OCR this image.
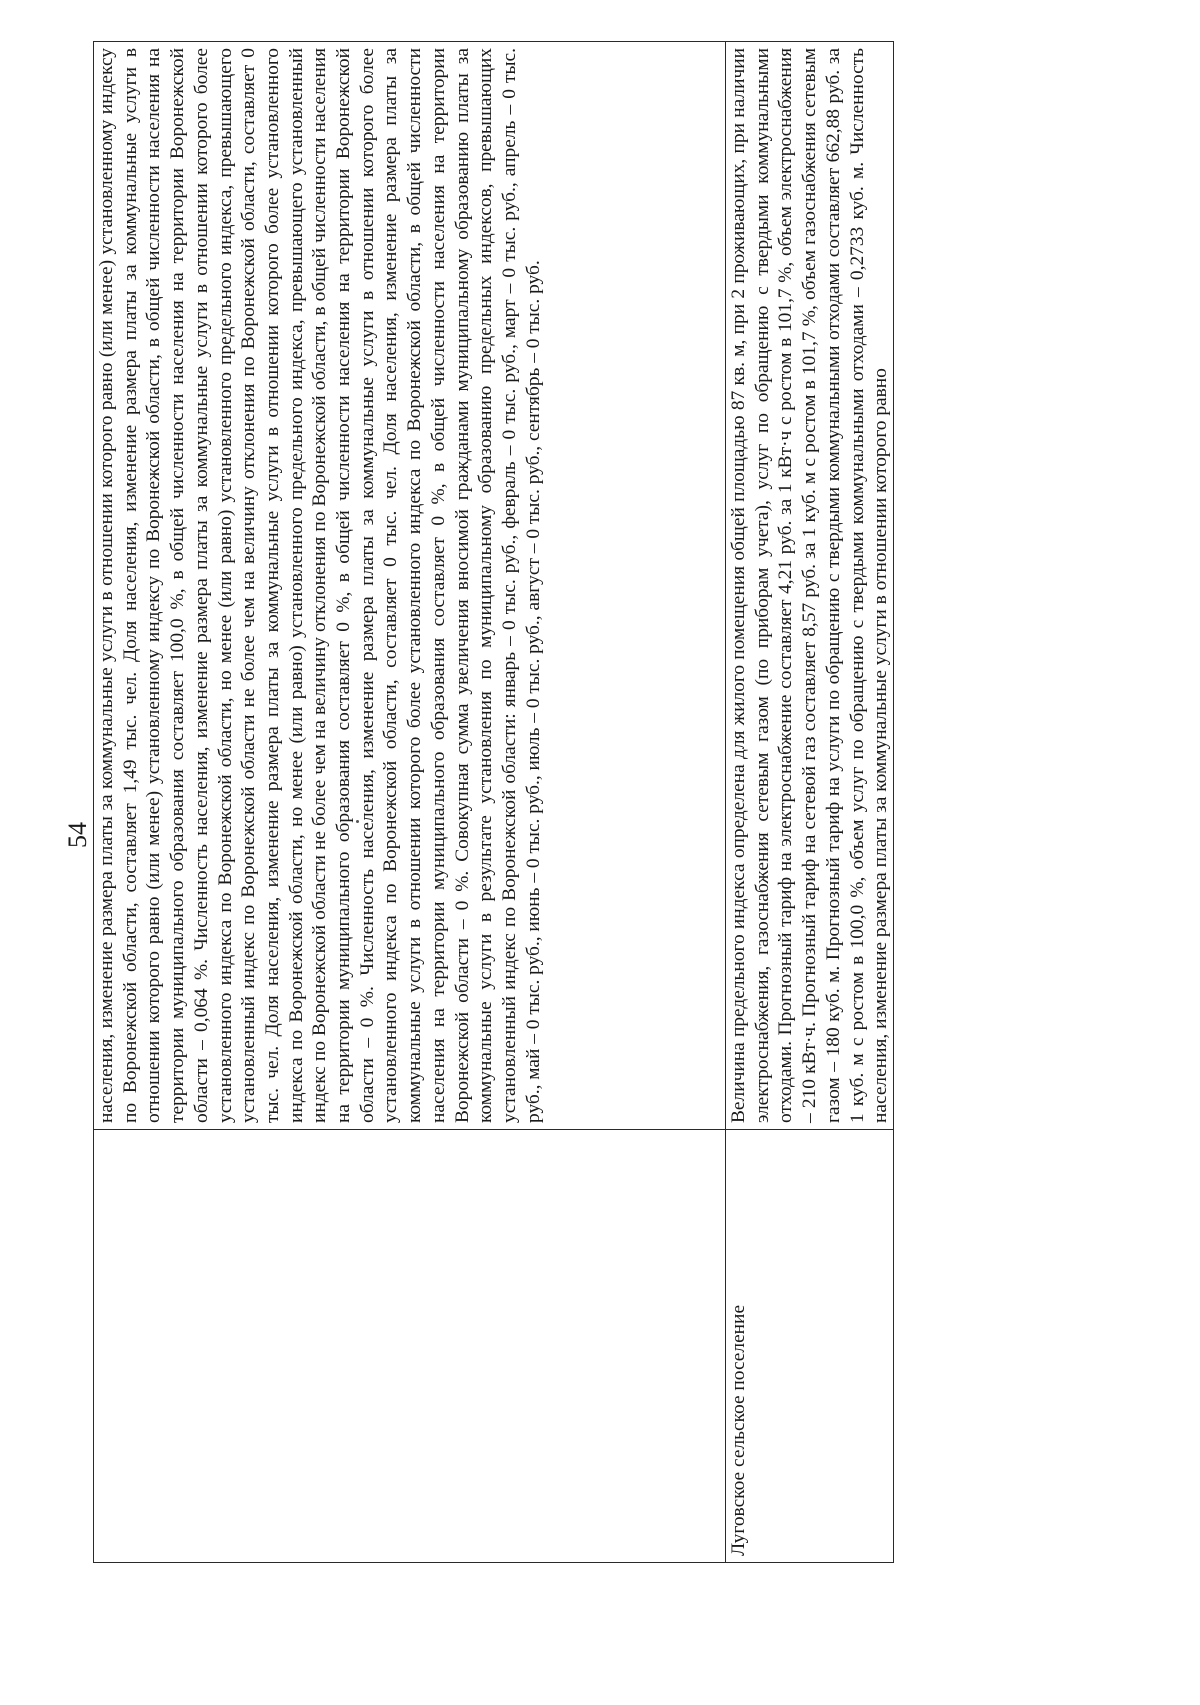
54

	населения, изменение размера платы за коммунальные услуги в отношении которого равно (или менее) установленному индексу по Воронежской области, составляет 1,49 тыс. чел. Доля населения, изменение размера платы за коммунальные услуги в отношении которого равно (или менее) установленному индексу по Воронежской области, в общей численности населения на территории муниципального образования составляет 100,0 %, в общей численности населения на территории Воронежской области – 0,064 %. Численность населения, изменение размера платы за коммунальные услуги в отношении которого более установленного индекса по Воронежской области, но менее (или равно) установленного предельного индекса, превышающего установленный индекс по Воронежской области не более чем на величину отклонения по Воронежской области, составляет 0 тыс. чел. Доля населения, изменение размера платы за коммунальные услуги в отношении которого более установленного индекса по Воронежской области, но менее (или равно) установленного предельного индекса, превышающего установленный индекс по Воронежской области не более чем на величину отклонения по Воронежской области, в общей численности населения на территории муниципального образования составляет 0 %, в общей численности населения на территории Воронежской области – 0 %. Численность населения, изменение размера платы за коммунальные услуги в отношении которого более установленного индекса по Воронежской области, составляет 0 тыс. чел. Доля населения, изменение размера платы за коммунальные услуги в отношении которого более установленного индекса по Воронежской области, в общей численности населения на территории муниципального образования составляет 0 %, в общей численности населения на территории Воронежской области – 0 %. Совокупная сумма увеличения вносимой гражданами муниципальному образованию платы за коммунальные услуги в результате установления по муниципальному образованию предельных индексов, превышающих установленный индекс по Воронежской области: январь – 0 тыс. руб., февраль – 0 тыс. руб., март – 0 тыс. руб., апрель – 0 тыс. руб., май – 0 тыс. руб., июнь – 0 тыс. руб., июль – 0 тыс. руб., август – 0 тыс. руб., сентябрь – 0 тыс. руб.

Луговское сельское поселение	Величина предельного индекса определена для жилого помещения общей площадью 87 кв. м, при 2 проживающих, при наличии электроснабжения, газоснабжения сетевым газом (по приборам учета), услуг по обращению с твердыми коммунальными отходами. Прогнозный тариф на электроснабжение составляет 4,21 руб. за 1 кВт·ч с ростом в 101,7 %, объем электроснабжения – 210 кВт·ч. Прогнозный тариф на сетевой газ составляет 8,57 руб. за 1 куб. м с ростом в 101,7 %, объем газоснабжения сетевым газом – 180 куб. м. Прогнозный тариф на услуги по обращению с твердыми коммунальными отходами составляет 662,88 руб. за 1 куб. м с ростом в 100,0 %, объем услуг по обращению с твердыми коммунальными отходами – 0,2733 куб. м. Численность населения, изменение размера платы за коммунальные услуги в отношении которого равно
